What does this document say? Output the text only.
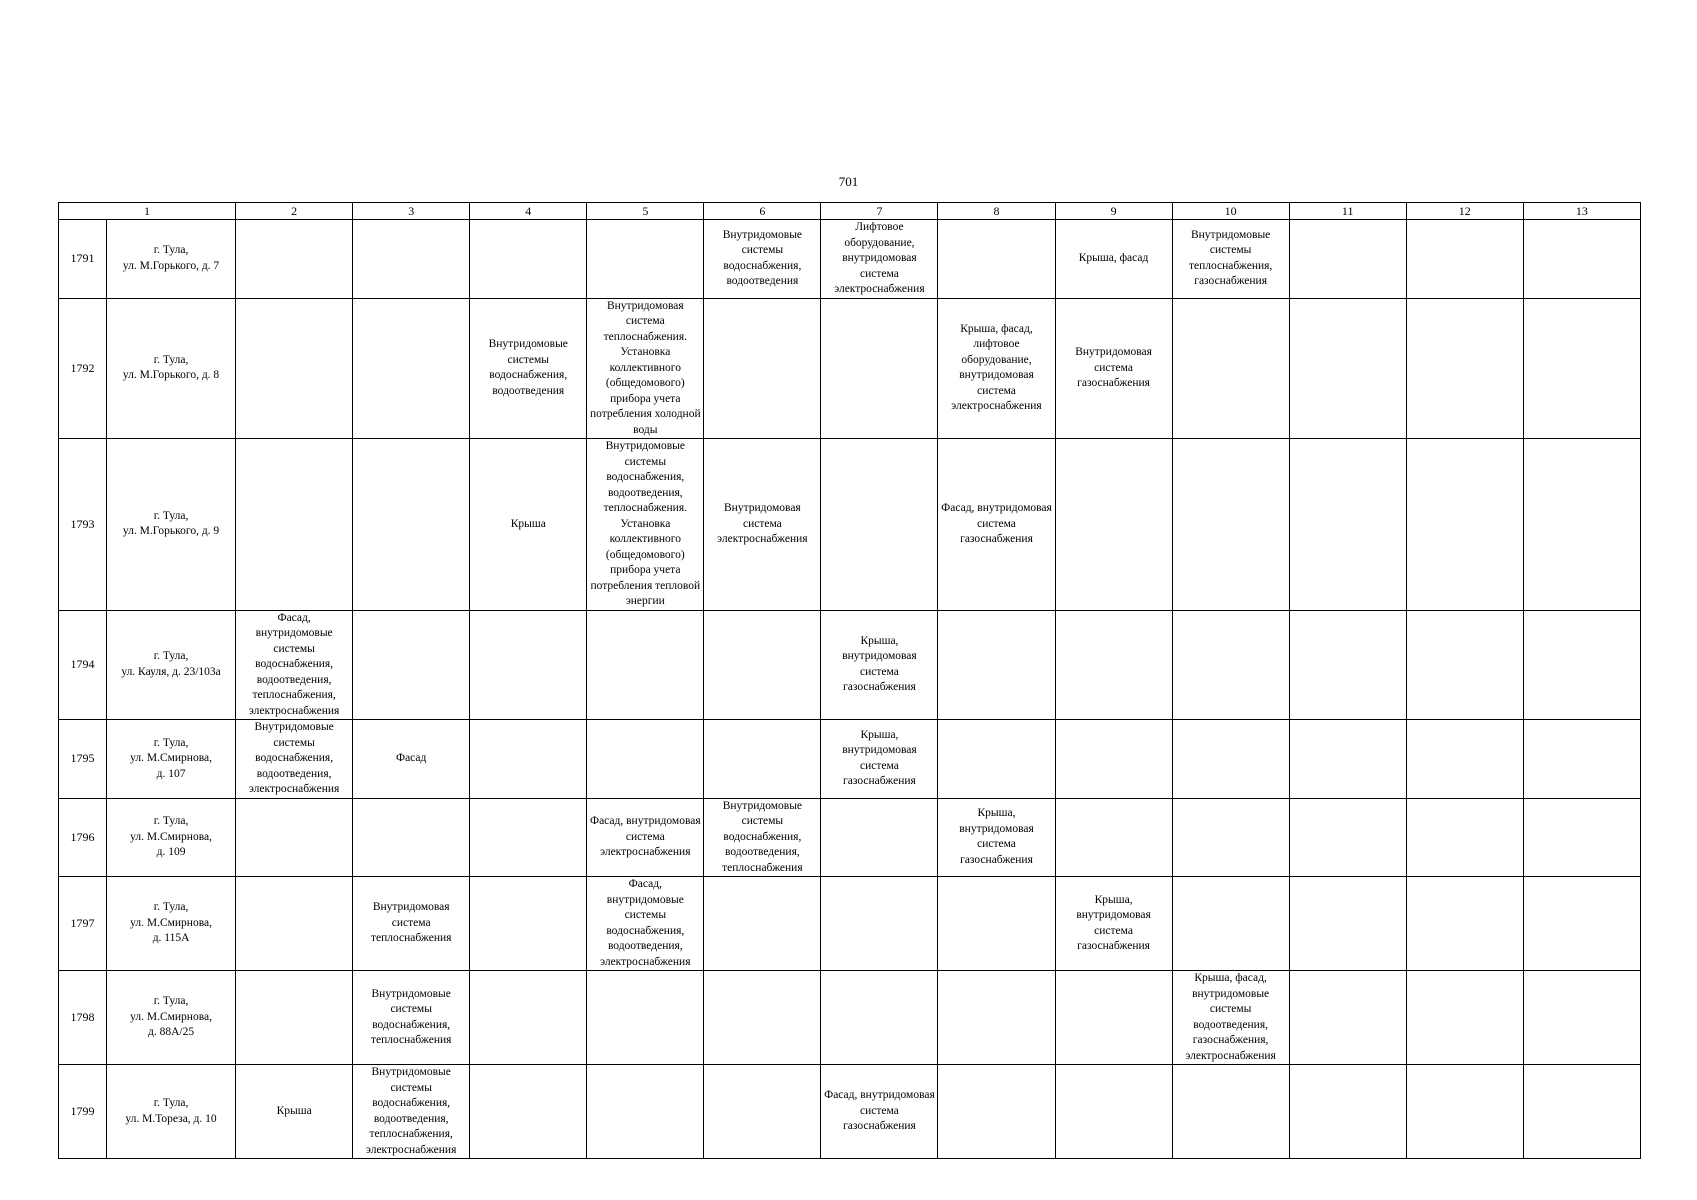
701
1		2	3	4	5	6	7	8	9	10	11	12	13
1791	г. Тула,
ул. М.Горького, д. 7					Внутридомовые системы водоснабжения, водоотведения	Лифтовое оборудование, внутридомовая система электроснабжения		Крыша, фасад	Внутридомовые системы теплоснабжения, газоснабжения			
1792	г. Тула,
ул. М.Горького, д. 8			Внутридомовые системы водоснабжения, водоотведения	Внутридомовая система теплоснабжения. Установка коллективного (общедомового) прибора учета потребления холодной воды			Крыша, фасад, лифтовое оборудование, внутридомовая система электроснабжения	Внутридомовая система газоснабжения				
1793	г. Тула,
ул. М.Горького, д. 9			Крыша	Внутридомовые системы водоснабжения, водоотведения, теплоснабжения. Установка коллективного (общедомового) прибора учета потребления тепловой энергии	Внутридомовая система электроснабжения		Фасад, внутридомовая система газоснабжения					
1794	г. Тула,
ул. Кауля, д. 23/103а	Фасад, внутридомовые системы водоснабжения, водоотведения, теплоснабжения, электроснабжения					Крыша, внутридомовая система газоснабжения						
1795	г. Тула,
ул. М.Смирнова,
д. 107	Внутридомовые системы водоснабжения, водоотведения, электроснабжения	Фасад				Крыша, внутридомовая система газоснабжения						
1796	г. Тула,
ул. М.Смирнова,
д. 109				Фасад, внутридомовая система электроснабжения	Внутридомовые системы водоснабжения, водоотведения, теплоснабжения		Крыша, внутридомовая система газоснабжения					
1797	г. Тула,
ул. М.Смирнова,
д. 115А		Внутридомовая система теплоснабжения		Фасад, внутридомовые системы водоснабжения, водоотведения, электроснабжения				Крыша, внутридомовая система газоснабжения				
1798	г. Тула,
ул. М.Смирнова,
д. 88А/25		Внутридомовые системы водоснабжения, теплоснабжения							Крыша, фасад, внутридомовые системы водоотведения, газоснабжения, электроснабжения			
1799	г. Тула,
ул. М.Тореза, д. 10	Крыша	Внутридомовые системы водоснабжения, водоотведения, теплоснабжения, электроснабжения				Фасад, внутридомовая система газоснабжения						
